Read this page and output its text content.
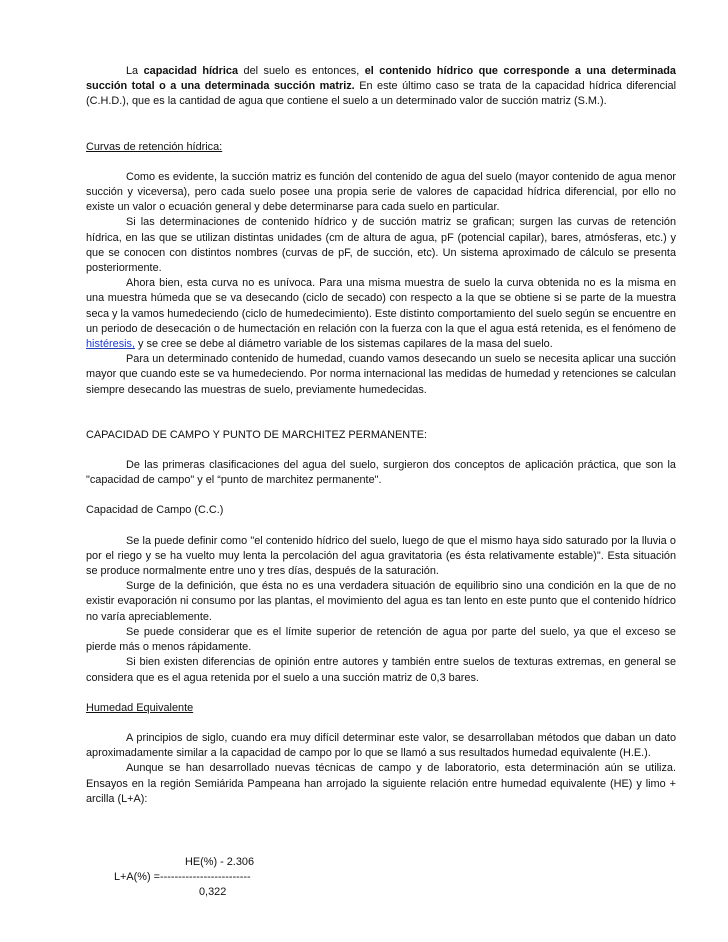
La capacidad hídrica del suelo es entonces, el contenido hídrico que corresponde a una determinada succión total o a una determinada succión matriz. En este último caso se trata de la capacidad hídrica diferencial (C.H.D.), que es la cantidad de agua que contiene el suelo a un determinado valor de succión matriz (S.M.).

Curvas de retención hídrica:

Como es evidente, la succión matriz es función del contenido de agua del suelo (mayor contenido de agua menor succión y viceversa), pero cada suelo posee una propia serie de valores de capacidad hídrica diferencial, por ello no existe un valor o ecuación general y debe determinarse para cada suelo en particular.

Si las determinaciones de contenido hídrico y de succión matriz se grafican; surgen las curvas de retención hídrica, en las que se utilizan distintas unidades (cm de altura de agua, pF (potencial capilar), bares, atmósferas, etc.) y que se conocen con distintos nombres (curvas de pF, de succión, etc). Un sistema aproximado de cálculo se presenta posteriormente.

Ahora bien, esta curva no es unívoca. Para una misma muestra de suelo la curva obtenida no es la misma en una muestra húmeda que se va desecando (ciclo de secado) con respecto a la que se obtiene si se parte de la muestra seca y la vamos humedeciendo (ciclo de humedecimiento). Este distinto comportamiento del suelo según se encuentre en un periodo de desecación o de humectación en relación con la fuerza con la que el agua está retenida, es el fenómeno de histéresis, y se cree se debe al diámetro variable de los sistemas capilares de la masa del suelo.

Para un determinado contenido de humedad, cuando vamos desecando un suelo se necesita aplicar una succión mayor que cuando este se va humedeciendo. Por norma internacional las medidas de humedad y retenciones se calculan siempre desecando las muestras de suelo, previamente humedecidas.

CAPACIDAD DE CAMPO Y PUNTO DE MARCHITEZ PERMANENTE:

De las primeras clasificaciones del agua del suelo, surgieron dos conceptos de aplicación práctica, que son la "capacidad de campo" y el “punto de marchitez permanente".

Capacidad de Campo (C.C.)

Se la puede definir como "el contenido hídrico del suelo, luego de que el mismo haya sido saturado por la lluvia o por el riego y se ha vuelto muy lenta la percolación del agua gravitatoria (es ésta relativamente estable)". Esta situación se produce normalmente entre uno y tres días, después de la saturación.

Surge de la definición, que ésta no es una verdadera situación de equilibrio sino una condición en la que de no existir evaporación ni consumo por las plantas, el movimiento del agua es tan lento en este punto que el contenido hídrico no varía apreciablemente.

Se puede considerar que es el límite superior de retención de agua por parte del suelo, ya que el exceso se pierde más o menos rápidamente.

Si bien existen diferencias de opinión entre autores y también entre suelos de texturas extremas, en general se considera que es el agua retenida por el suelo a una succión matriz de 0,3 bares.

Humedad Equivalente

A principios de siglo, cuando era muy difícil determinar este valor, se desarrollaban métodos que daban un dato aproximadamente similar a la capacidad de campo por lo que se llamó a sus resultados humedad equivalente (H.E.).

Aunque se han desarrollado nuevas técnicas de campo y de laboratorio, esta determinación aún se utiliza. Ensayos en la región Semiárida Pampeana han arrojado la siguiente relación entre humedad equivalente (HE) y limo + arcilla (L+A):

HE(%) - 2.306
L+A(%) =-------------------------
0,322
